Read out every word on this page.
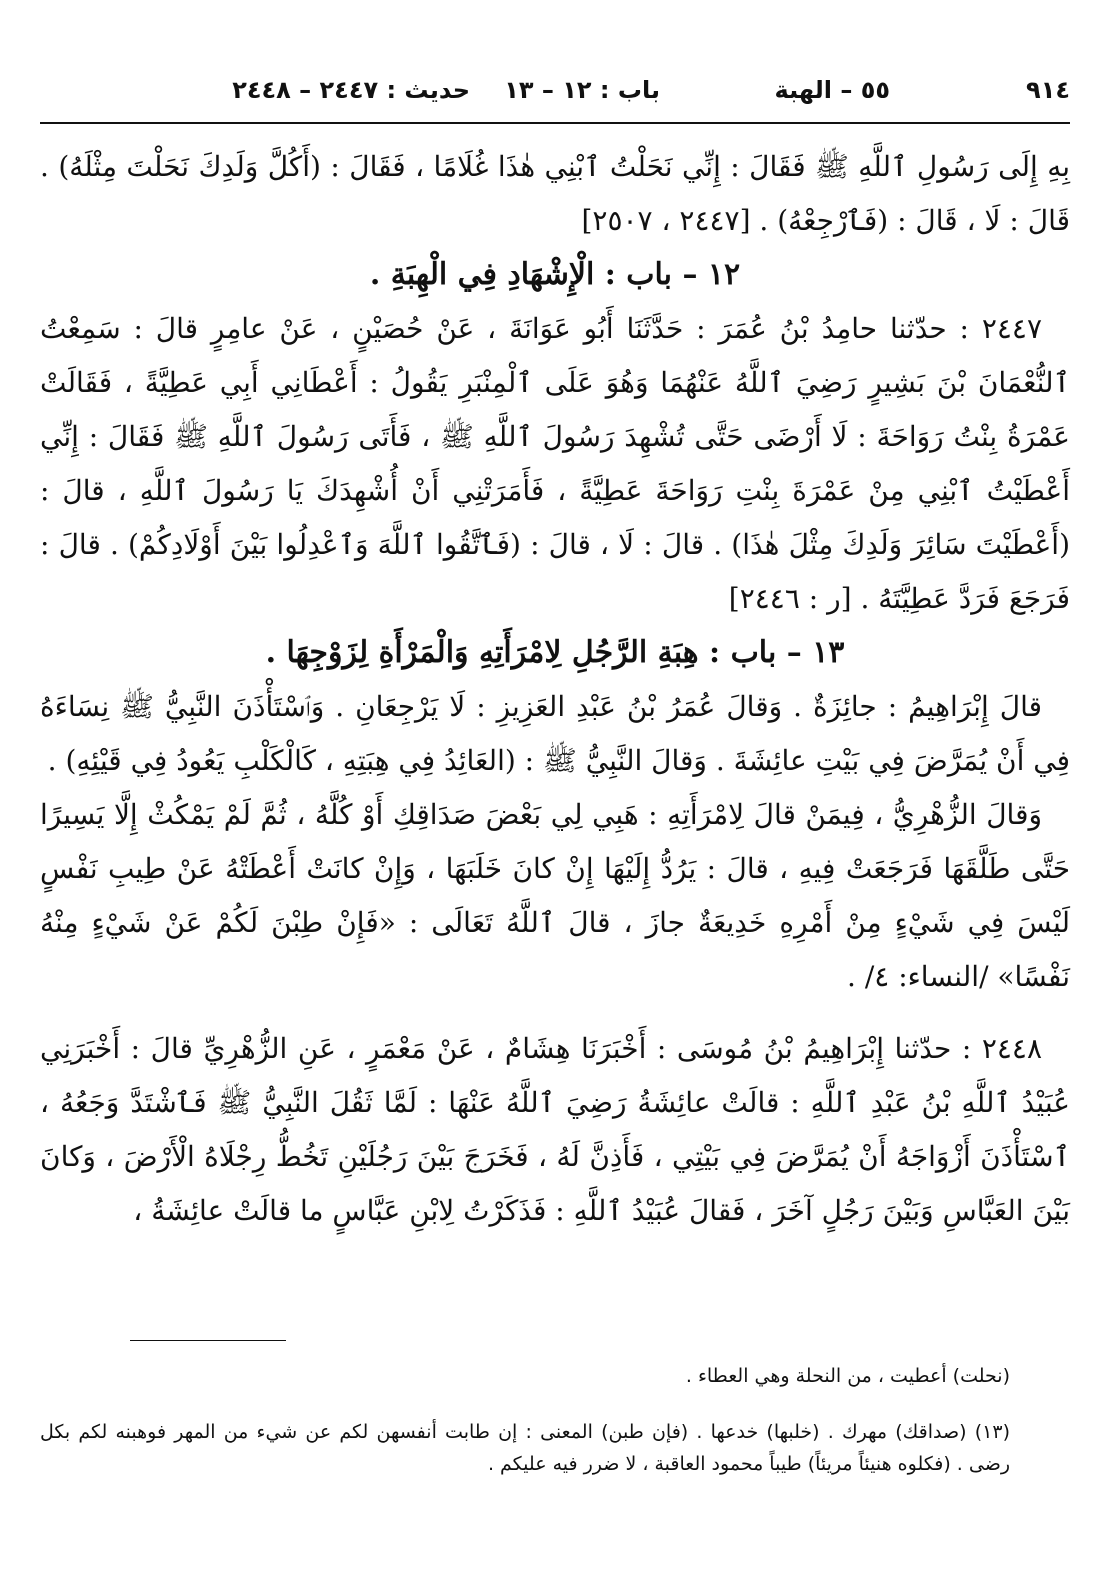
٩١٤
٥٥ – الهبة
باب : ١٢ – ١٣
حديث : ٢٤٤٧ – ٢٤٤٨

بِهِ إِلَى رَسُولِ ٱللَّهِ ﷺ فَقَالَ : إِنِّي نَحَلْتُ ٱبْنِي هٰذَا غُلَامًا ، فَقَالَ : (أَكُلَّ وَلَدِكَ نَحَلْتَ مِثْلَهُ) . قَالَ : لَا ، قَالَ : (فَٱرْجِعْهُ) . [٢٤٤٧ ، ٢٥٠٧]

١٢ – باب : الْإِشْهَادِ فِي الْهِبَةِ .

٢٤٤٧ : حدّثنا حامِدُ بْنُ عُمَرَ : حَدَّثَنَا أَبُو عَوَانَةَ ، عَنْ حُصَيْنٍ ، عَنْ عامِرٍ قالَ : سَمِعْتُ ٱلنُّعْمَانَ بْنَ بَشِيرٍ رَضِيَ ٱللَّهُ عَنْهُمَا وَهُوَ عَلَى ٱلْمِنْبَرِ يَقُولُ : أَعْطَانِي أَبِي عَطِيَّةً ، فَقَالَتْ عَمْرَةُ بِنْتُ رَوَاحَةَ : لَا أَرْضَى حَتَّى تُشْهِدَ رَسُولَ ٱللَّهِ ﷺ ، فَأَتَى رَسُولَ ٱللَّهِ ﷺ فَقَالَ : إِنِّي أَعْطَيْتُ ٱبْنِي مِنْ عَمْرَةَ بِنْتِ رَوَاحَةَ عَطِيَّةً ، فَأَمَرَتْنِي أَنْ أُشْهِدَكَ يَا رَسُولَ ٱللَّهِ ، قالَ : (أَعْطَيْتَ سَائِرَ وَلَدِكَ مِثْلَ هٰذَا) . قالَ : لَا ، قالَ : (فَٱتَّقُوا ٱللَّهَ وَٱعْدِلُوا بَيْنَ أَوْلَادِكُمْ) . قالَ : فَرَجَعَ فَرَدَّ عَطِيَّتَهُ . [ر : ٢٤٤٦]

١٣ – باب : هِبَةِ الرَّجُلِ لِامْرَأَتِهِ وَالْمَرْأَةِ لِزَوْجِهَا .

قالَ إِبْرَاهِيمُ : جائِزَةٌ . وَقالَ عُمَرُ بْنُ عَبْدِ العَزِيزِ : لَا يَرْجِعَانِ . وَٱسْتَأْذَنَ النَّبِيُّ ﷺ نِسَاءَهُ فِي أَنْ يُمَرَّضَ فِي بَيْتِ عائِشَةَ . وَقالَ النَّبِيُّ ﷺ : (العَائِدُ فِي هِبَتِهِ ، كَالْكَلْبِ يَعُودُ فِي قَيْئِهِ) .

وَقالَ الزُّهْرِيُّ ، فِيمَنْ قالَ لِامْرَأَتِهِ : هَبِي لِي بَعْضَ صَدَاقِكِ أَوْ كُلَّهُ ، ثُمَّ لَمْ يَمْكُثْ إِلَّا يَسِيرًا حَتَّى طَلَّقَهَا فَرَجَعَتْ فِيهِ ، قالَ : يَرُدُّ إِلَيْهَا إِنْ كانَ خَلَبَهَا ، وَإِنْ كانَتْ أَعْطَتْهُ عَنْ طِيبِ نَفْسٍ لَيْسَ فِي شَيْءٍ مِنْ أَمْرِهِ خَدِيعَةٌ جازَ ، قالَ ٱللَّهُ تَعَالَى : «فَإِنْ طِبْنَ لَكُمْ عَنْ شَيْءٍ مِنْهُ نَفْسًا» /النساء: ٤/ .

٢٤٤٨ : حدّثنا إِبْرَاهِيمُ بْنُ مُوسَى : أَخْبَرَنَا هِشَامٌ ، عَنْ مَعْمَرٍ ، عَنِ الزُّهْرِيِّ قالَ : أَخْبَرَنِي عُبَيْدُ ٱللَّهِ بْنُ عَبْدِ ٱللَّهِ : قالَتْ عائِشَةُ رَضِيَ ٱللَّهُ عَنْهَا : لَمَّا ثَقُلَ النَّبِيُّ ﷺ فَٱشْتَدَّ وَجَعُهُ ، ٱسْتَأْذَنَ أَزْوَاجَهُ أَنْ يُمَرَّضَ فِي بَيْتِي ، فَأَذِنَّ لَهُ ، فَخَرَجَ بَيْنَ رَجُلَيْنِ تَخُطُّ رِجْلَاهُ الْأَرْضَ ، وَكانَ بَيْنَ العَبَّاسِ وَبَيْنَ رَجُلٍ آخَرَ ، فَقالَ عُبَيْدُ ٱللَّهِ : فَذَكَرْتُ لِابْنِ عَبَّاسٍ ما قالَتْ عائِشَةُ ،

(نحلت) أعطيت ، من النحلة وهي العطاء .

(١٣) (صداقك) مهرك . (خلبها) خدعها . (فإن طبن) المعنى : إن طابت أنفسهن لكم عن شيء من المهر فوهبنه لكم بكل رضى . (فكلوه هنيئاً مريئاً) طيباً محمود العاقبة ، لا ضرر فيه عليكم .
